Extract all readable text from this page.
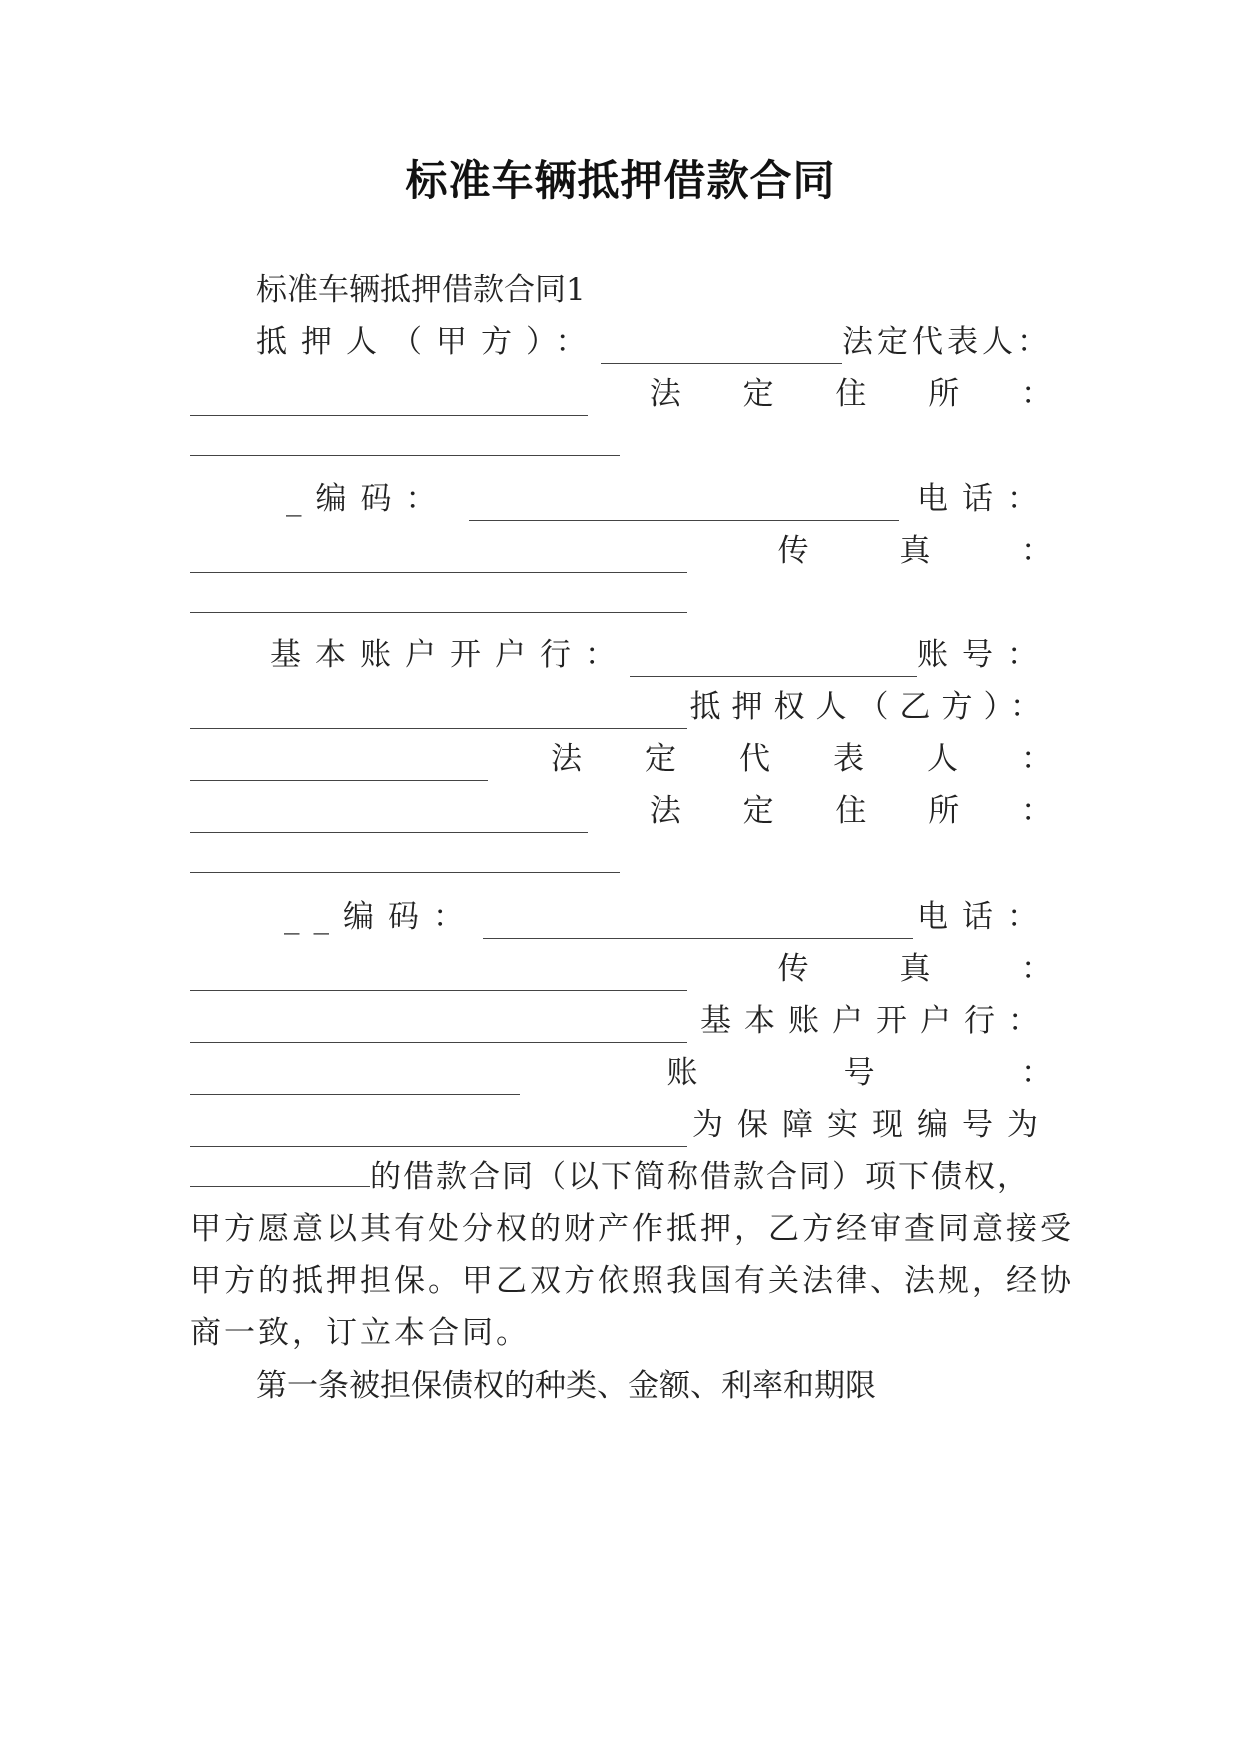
标准车辆抵押借款合同
标准车辆抵押借款合同1
抵押人（甲方）：	法定代表人：
法 定 住 所 ：
_编码：	电话：
传	真	：
基本账户开户行：	账号：
抵押权人（乙方）：
法 定 代 表 人 ：
法 定 住 所 ：
__编码：	电话：
传	真	：
基本账户开户行：
账	号	：
为保障实现编号为
的借款合同（以下简称借款合同）项下债权，
甲方愿意以其有处分权的财产作抵押，乙方经审查同意接受
甲方的抵押担保。甲乙双方依照我国有关法律、法规，经协
商一致，订立本合同。
第一条被担保债权的种类、金额、利率和期限
